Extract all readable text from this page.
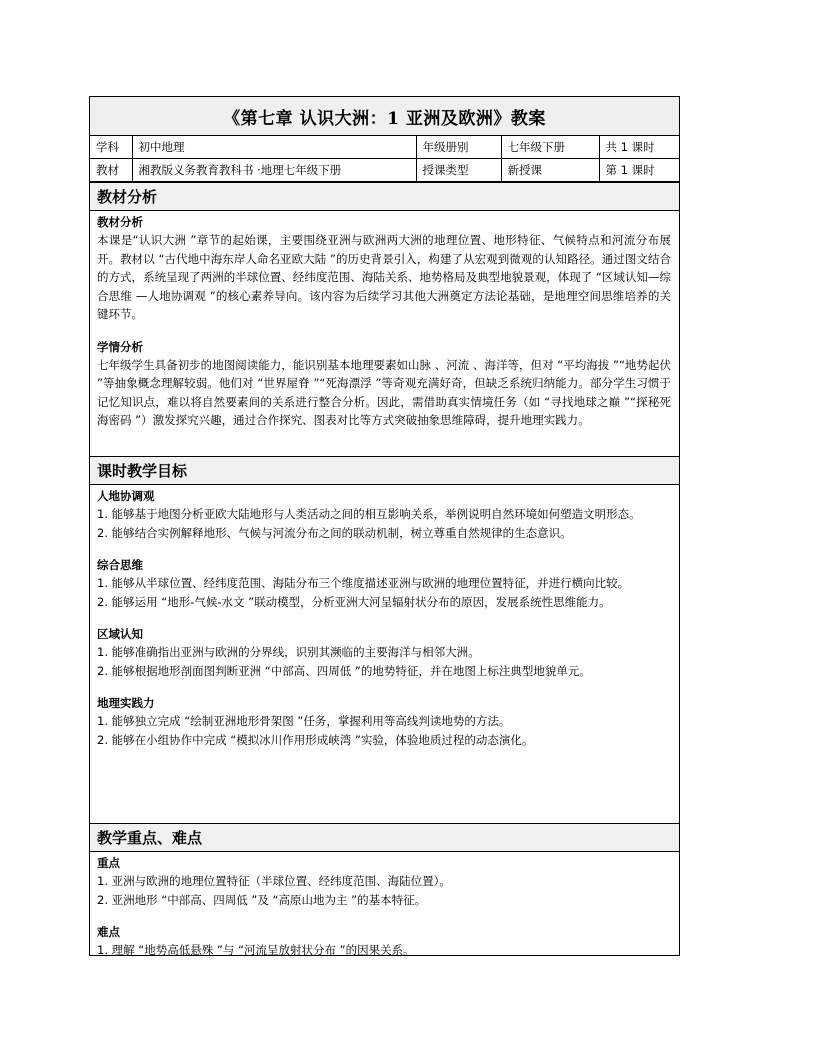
《第七章 认识大洲：1 亚洲及欧洲》教案
学科	初中地理	年级册别	七年级下册	共 1 课时
教材	湘教版义务教育教科书 ·地理七年级下册	授课类型	新授课	第 1 课时
教材分析

教材分析

本课是“认识大洲 ”章节的起始课，主要围绕亚洲与欧洲两大洲的地理位置、地形特征、气候特点和河流分布展开。教材以 “古代地中海东岸人命名亚欧大陆 ”的历史背景引入，构建了从宏观到微观的认知路径。通过图文结合的方式，系统呈现了两洲的半球位置、经纬度范围、海陆关系、地势格局及典型地貌景观，体现了 “区域认知—综合思维 —人地协调观 ”的核心素养导向。该内容为后续学习其他大洲奠定方法论基础，是地理空间思维培养的关键环节。

学情分析

七年级学生具备初步的地图阅读能力，能识别基本地理要素如山脉 、河流 、海洋等，但对 “平均海拔 ”“地势起伏 ”等抽象概念理解较弱。他们对 “世界屋脊 ”“死海漂浮 ”等奇观充满好奇，但缺乏系统归纳能力。部分学生习惯于记忆知识点，难以将自然要素间的关系进行整合分析。因此，需借助真实情境任务（如 “寻找地球之巅 ”“探秘死海密码 ”）激发探究兴趣，通过合作探究、图表对比等方式突破抽象思维障碍，提升地理实践力。

课时教学目标

人地协调观

1. 能够基于地图分析亚欧大陆地形与人类活动之间的相互影响关系，举例说明自然环境如何塑造文明形态。

2. 能够结合实例解释地形、气候与河流分布之间的联动机制，树立尊重自然规律的生态意识。

综合思维

1. 能够从半球位置、经纬度范围、海陆分布三个维度描述亚洲与欧洲的地理位置特征，并进行横向比较。

2. 能够运用 “地形-气候-水文 ”联动模型，分析亚洲大河呈辐射状分布的原因，发展系统性思维能力。

区域认知

1. 能够准确指出亚洲与欧洲的分界线，识别其濒临的主要海洋与相邻大洲。

2. 能够根据地形剖面图判断亚洲 “中部高、四周低 ”的地势特征，并在地图上标注典型地貌单元。

地理实践力

1. 能够独立完成 “绘制亚洲地形骨架图 ”任务，掌握利用等高线判读地势的方法。

2. 能够在小组协作中完成 “模拟冰川作用形成峡湾 ”实验，体验地质过程的动态演化。

教学重点、难点

重点

1. 亚洲与欧洲的地理位置特征（半球位置、经纬度范围、海陆位置）。

2. 亚洲地形 “中部高、四周低 ”及 “高原山地为主 ”的基本特征。

难点

1. 理解 “地势高低悬殊 ”与 “河流呈放射状分布 ”的因果关系。
